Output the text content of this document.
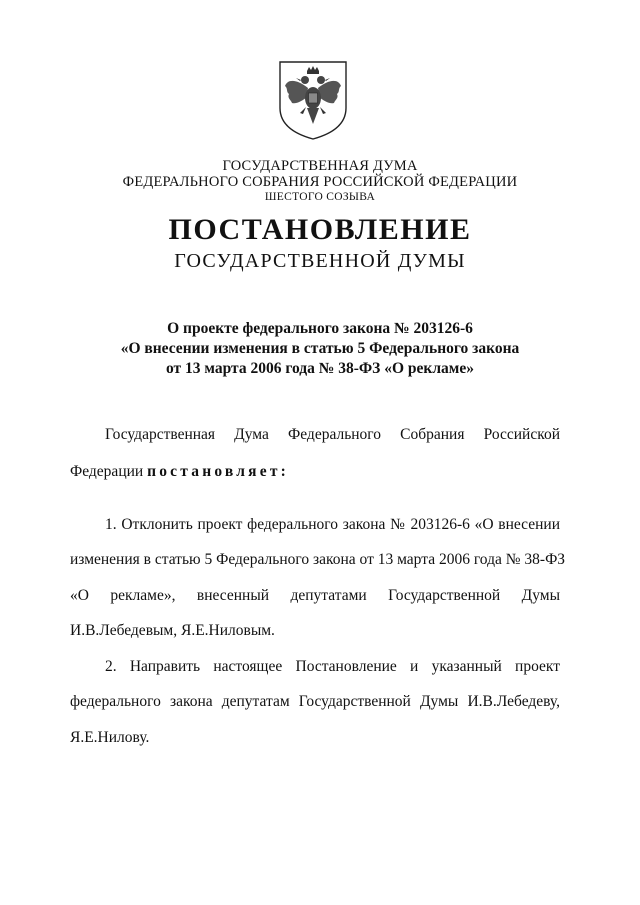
ГОСУДАРСТВЕННАЯ ДУМА
ФЕДЕРАЛЬНОГО СОБРАНИЯ РОССИЙСКОЙ ФЕДЕРАЦИИ
ШЕСТОГО СОЗЫВА
ПОСТАНОВЛЕНИЕ
ГОСУДАРСТВЕННОЙ ДУМЫ
О проекте федерального закона № 203126-6
«О внесении изменения в статью 5 Федерального закона
от 13 марта 2006 года № 38-ФЗ «О рекламе»
Государственная Дума Федерального Собрания Российской
Федерации постановляет:
1. Отклонить проект федерального закона № 203126-6 «О внесении
изменения в статью 5 Федерального закона от 13 марта 2006 года № 38-ФЗ
«О рекламе», внесенный депутатами Государственной Думы
И.В.Лебедевым, Я.Е.Ниловым.
2. Направить настоящее Постановление и указанный проект
федерального закона депутатам Государственной Думы И.В.Лебедеву,
Я.Е.Нилову.
